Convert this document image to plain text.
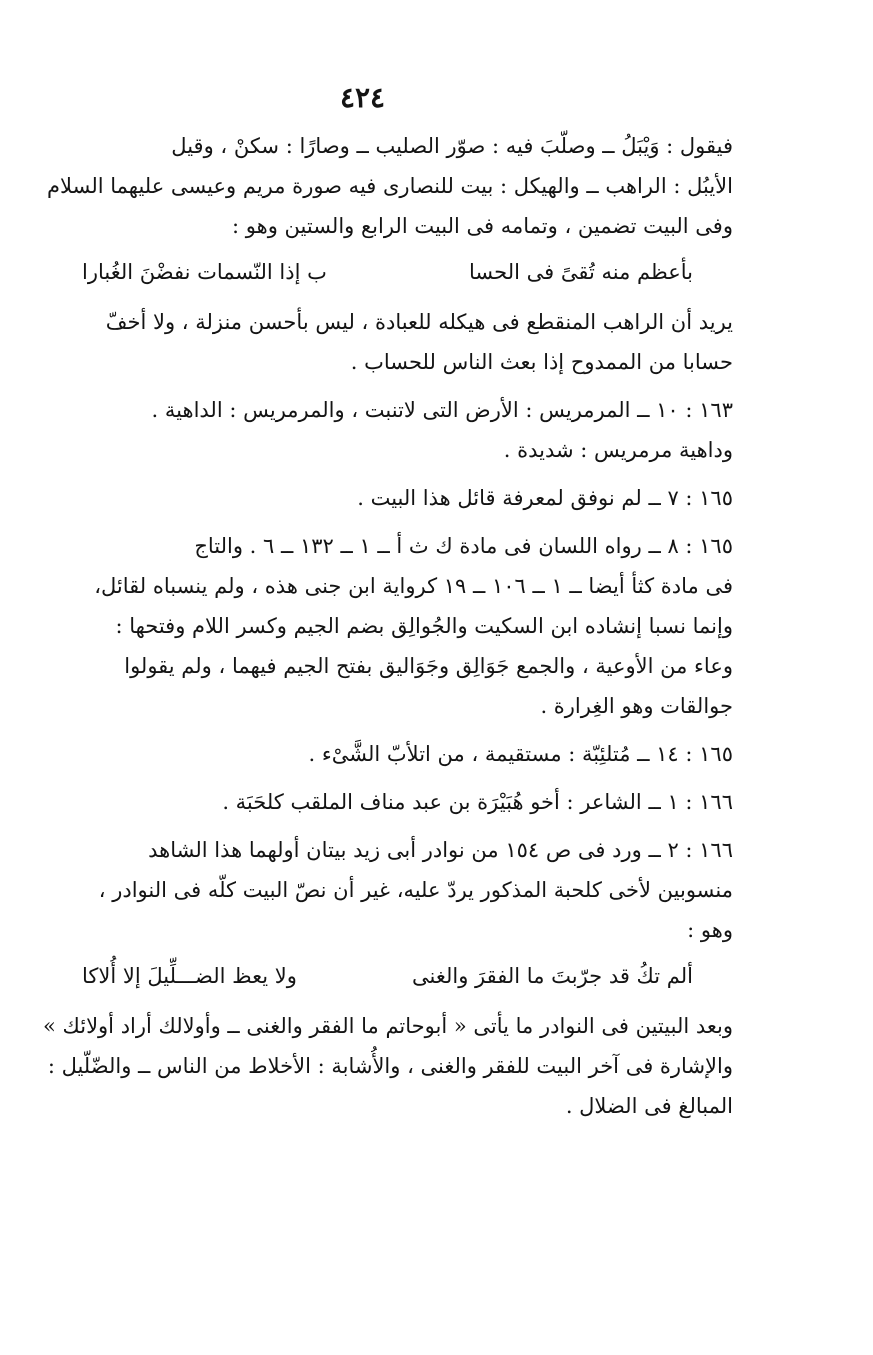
٤٢٤

فيقول : وَيْبَلُ ــ وصلّبَ فيه : صوّر الصليب ــ وصارًا : سكنْ ، وقيل
الأيبُل : الراهب ــ والهيكل : بيت للنصارى فيه صورة مريم وعيسى عليهما السلام
وفى البيت تضمين ، وتمامه فى البيت الرابع والستين وهو :

بأعظم منه تُقىً فى الحسا
ب إذا النّسمات نفضْنَ الغُبارا

يريد أن الراهب المنقطع فى هيكله للعبادة ، ليس بأحسن منزلة ، ولا أخفّ
حسابا من الممدوح إذا بعث الناس للحساب .

١٦٣ : ١٠ ــ المرمريس : الأرض التى لاتنبت ، والمرمريس : الداهية .
وداهية مرمريس : شديدة .

١٦٥ : ٧ ــ لم نوفق لمعرفة قائل هذا البيت .

١٦٥ : ٨ ــ رواه اللسان فى مادة ك ث أ ــ ١ ــ ١٣٢ ــ ٦ . والتاج
فى مادة كثأ أيضا ــ ١ ــ ١٠٦ ــ ١٩ كرواية ابن جنى هذه ، ولم ينسباه لقائل،
وإنما نسبا إنشاده ابن السكيت والجُوالِق بضم الجيم وكسر اللام وفتحها :
وعاء من الأوعية ، والجمع جَوَالِق وجَوَاليق بفتح الجيم فيهما ، ولم يقولوا
جوالقات وهو الغِرارة .

١٦٥ : ١٤ ــ مُتلئِبّة : مستقيمة ، من اتلأبّ الشَّىْء .

١٦٦ : ١ ــ الشاعر : أخو هُبَيْرَة بن عبد مناف الملقب كلحَبَة .

١٦٦ : ٢ ــ ورد فى ص ١٥٤ من نوادر أبى زيد بيتان أولهما هذا الشاهد
منسوبين لأخى كلحبة المذكور يردّ عليه، غير أن نصّ البيت كلّه فى النوادر ،
وهو :

ألم تكُ قد جرّبتَ ما الفقرَ والغنى
ولا يعظ الضـــلِّيلَ إلا أُلاكا

وبعد البيتين فى النوادر ما يأتى « أبوحاتم ما الفقر والغنى ــ وأولالك أراد أولائك »
والإشارة فى آخر البيت للفقر والغنى ، والأُشابة : الأخلاط من الناس ــ والضّلّيل :
المبالغ فى الضلال .
